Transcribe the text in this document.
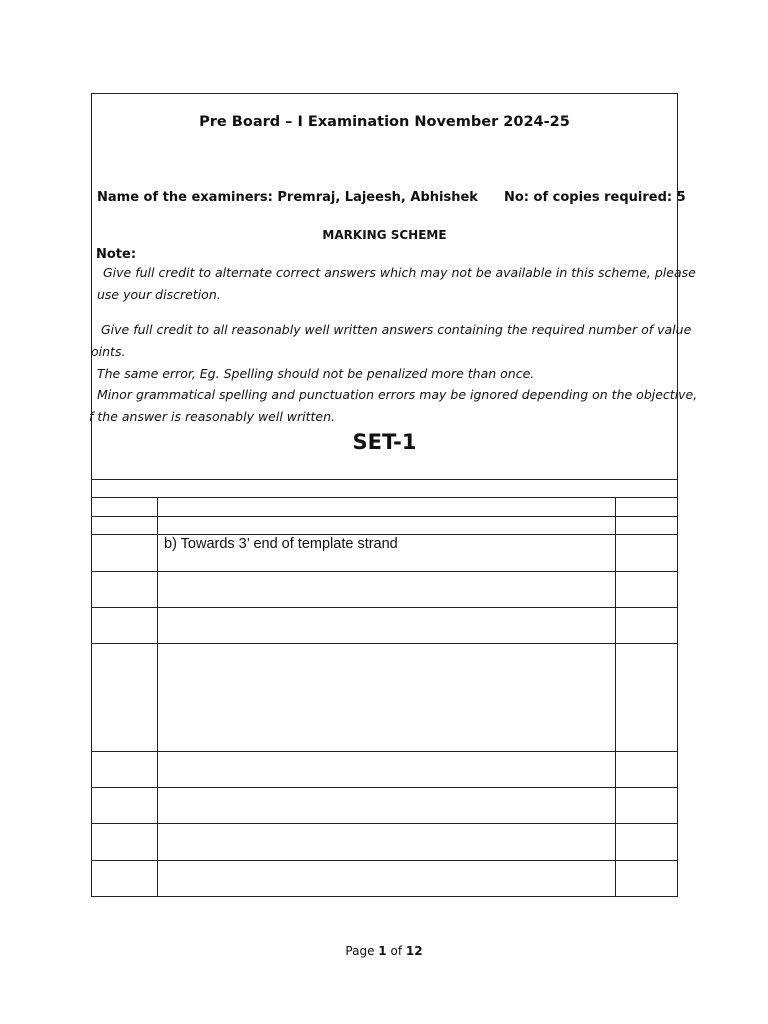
Pre Board – I Examination November 2024-25
Name of the examiners: Premraj, Lajeesh, Abhishek No: of copies required: 5
MARKING SCHEME
Note:
Give full credit to alternate correct answers which may not be available in this scheme, please
use your discretion.
Give full credit to all reasonably well written answers containing the required number of value
oints.
The same error, Eg. Spelling should not be penalized more than once.
Minor grammatical spelling and punctuation errors may be ignored depending on the objective,
f the answer is reasonably well written.
SET-1
b) Towards 3’ end of template strand
Page 1 of 12
